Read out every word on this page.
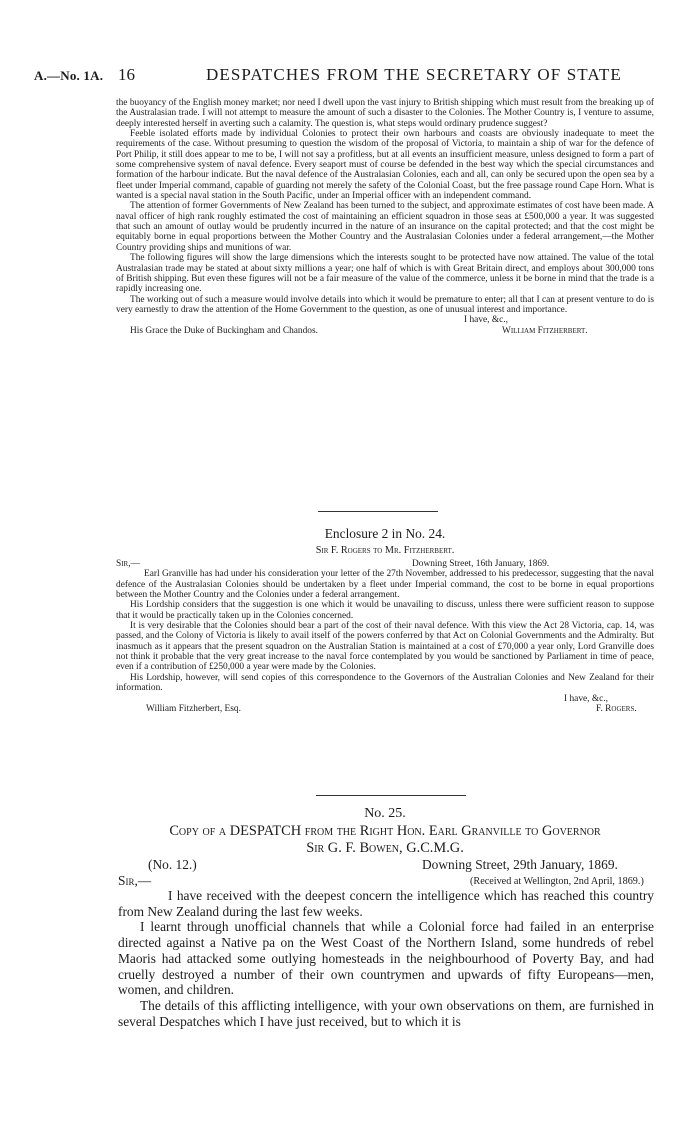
A.—No. 1A. 16	DESPATCHES FROM THE SECRETARY OF STATE

the buoyancy of the English money market; nor need I dwell upon the vast injury to British shipping which must result from the breaking up of the Australasian trade. I will not attempt to measure the amount of such a disaster to the Colonies. The Mother Country is, I venture to assume, deeply interested herself in averting such a calamity. The question is, what steps would ordinary prudence suggest?

Feeble isolated efforts made by individual Colonies to protect their own harbours and coasts are obviously inadequate to meet the requirements of the case. Without presuming to question the wisdom of the proposal of Victoria, to maintain a ship of war for the defence of Port Philip, it still does appear to me to be, I will not say a profitless, but at all events an insufficient measure, unless designed to form a part of some comprehensive system of naval defence. Every seaport must of course be defended in the best way which the special circumstances and formation of the harbour indicate. But the naval defence of the Australasian Colonies, each and all, can only be secured upon the open sea by a fleet under Imperial command, capable of guarding not merely the safety of the Colonial Coast, but the free passage round Cape Horn. What is wanted is a special naval station in the South Pacific, under an Imperial officer with an independent command.

The attention of former Governments of New Zealand has been turned to the subject, and approximate estimates of cost have been made. A naval officer of high rank roughly estimated the cost of maintaining an efficient squadron in those seas at £500,000 a year. It was suggested that such an amount of outlay would be prudently incurred in the nature of an insurance on the capital protected; and that the cost might be equitably borne in equal proportions between the Mother Country and the Australasian Colonies under a federal arrangement,—the Mother Country providing ships and munitions of war.

The following figures will show the large dimensions which the interests sought to be protected have now attained. The value of the total Australasian trade may be stated at about sixty millions a year; one half of which is with Great Britain direct, and employs about 300,000 tons of British shipping. But even these figures will not be a fair measure of the value of the commerce, unless it be borne in mind that the trade is a rapidly increasing one.

The working out of such a measure would involve details into which it would be premature to enter; all that I can at present venture to do is very earnestly to draw the attention of the Home Government to the question, as one of unusual interest and importance.

I have, &c.,
His Grace the Duke of Buckingham and Chandos.	William Fitzherbert.
Enclosure 2 in No. 24.
Sir F. Rogers to Mr. Fitzherbert.
Sir,—	Downing Street, 16th January, 1869.

Earl Granville has had under his consideration your letter of the 27th November, addressed to his predecessor, suggesting that the naval defence of the Australasian Colonies should be undertaken by a fleet under Imperial command, the cost to be borne in equal proportions between the Mother Country and the Colonies under a federal arrangement.

His Lordship considers that the suggestion is one which it would be unavailing to discuss, unless there were sufficient reason to suppose that it would be practically taken up in the Colonies concerned.

It is very desirable that the Colonies should bear a part of the cost of their naval defence. With this view the Act 28 Victoria, cap. 14, was passed, and the Colony of Victoria is likely to avail itself of the powers conferred by that Act on Colonial Governments and the Admiralty. But inasmuch as it appears that the present squadron on the Australian Station is maintained at a cost of £70,000 a year only, Lord Granville does not think it probable that the very great increase to the naval force contemplated by you would be sanctioned by Parliament in time of peace, even if a contribution of £250,000 a year were made by the Colonies.

His Lordship, however, will send copies of this correspondence to the Governors of the Australian Colonies and New Zealand for their information.

I have, &c.,
William Fitzherbert, Esq.	F. Rogers.
No. 25.
Copy of a DESPATCH from the Right Hon. Earl Granville to Governor
Sir G. F. Bowen, G.C.M.G.
(No. 12.)	Downing Street, 29th January, 1869.
Sir,—	(Received at Wellington, 2nd April, 1869.)

I have received with the deepest concern the intelligence which has reached this country from New Zealand during the last few weeks.

I learnt through unofficial channels that while a Colonial force had failed in an enterprise directed against a Native pa on the West Coast of the Northern Island, some hundreds of rebel Maoris had attacked some outlying homesteads in the neighbourhood of Poverty Bay, and had cruelly destroyed a number of their own countrymen and upwards of fifty Europeans—men, women, and children.

The details of this afflicting intelligence, with your own observations on them, are furnished in several Despatches which I have just received, but to which it is
